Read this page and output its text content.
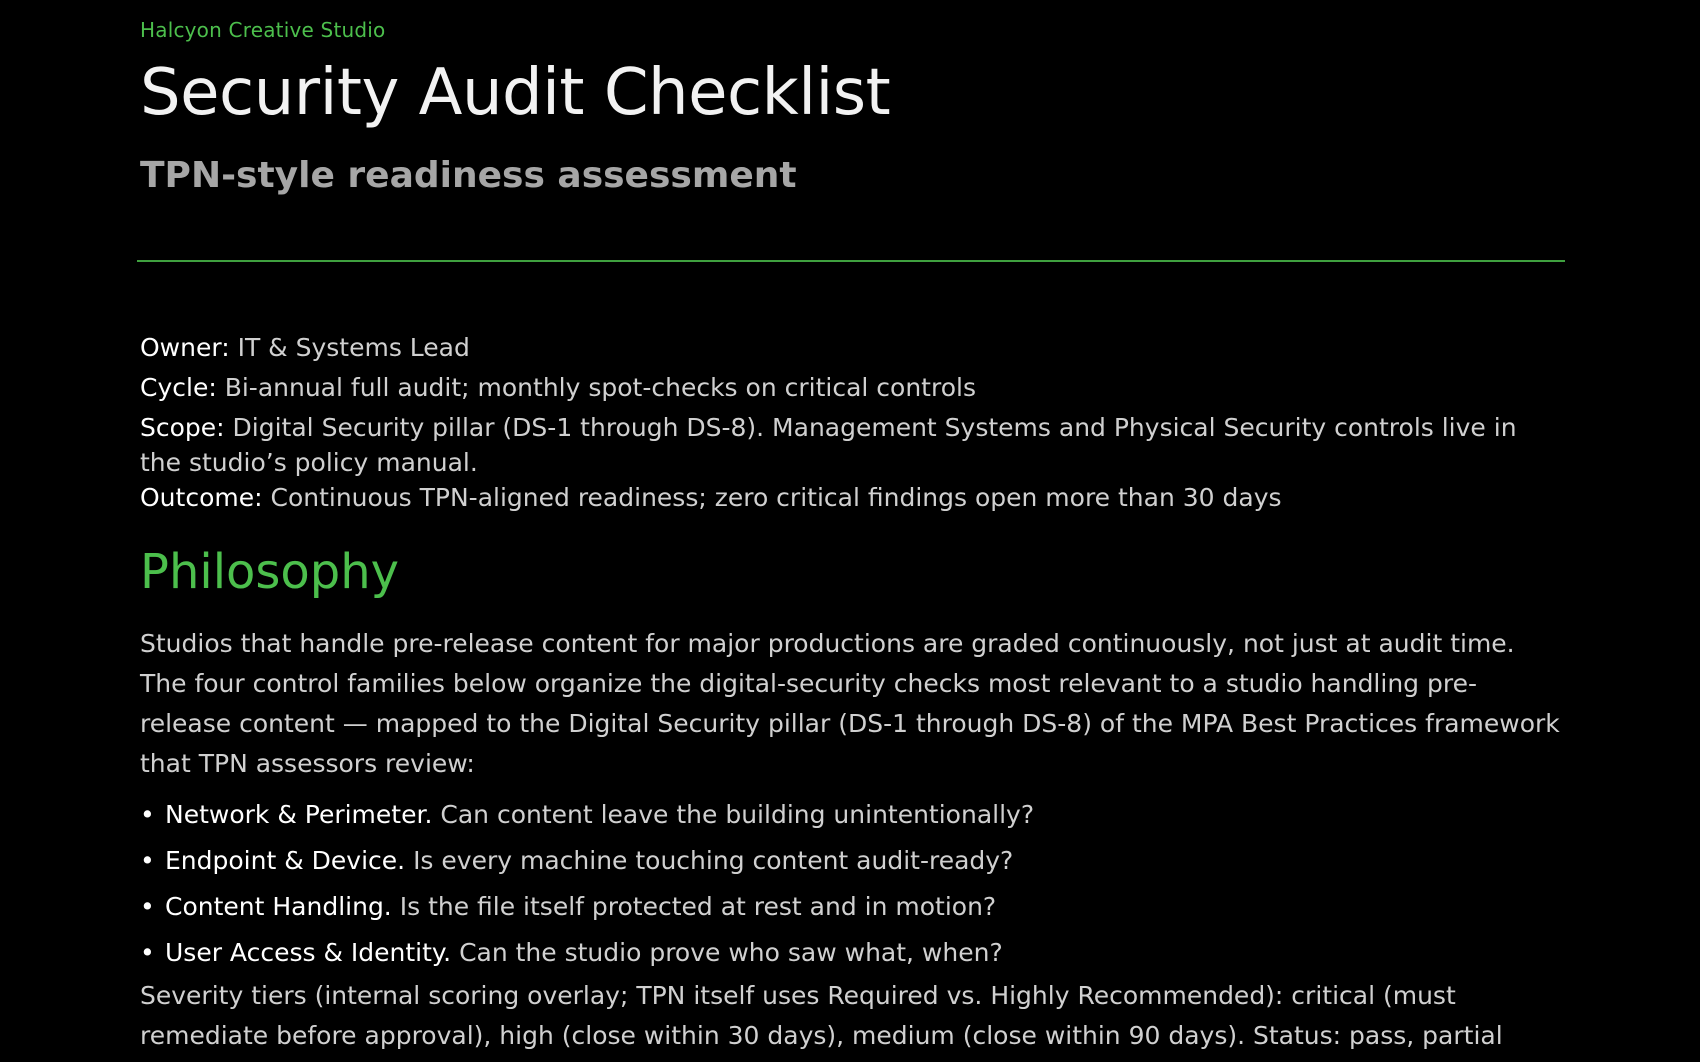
Halcyon Creative Studio
Security Audit Checklist
TPN-style readiness assessment
Owner: IT & Systems Lead
Cycle: Bi-annual full audit; monthly spot-checks on critical controls
Scope: Digital Security pillar (DS-1 through DS-8). Management Systems and Physical Security controls live in the studio’s policy manual.
Outcome: Continuous TPN-aligned readiness; zero critical findings open more than 30 days
Philosophy

Studios that handle pre-release content for major productions are graded continuously, not just at audit time. The four control families below organize the digital-security checks most relevant to a studio handling pre-release content — mapped to the Digital Security pillar (DS-1 through DS-8) of the MPA Best Practices framework that TPN assessors review:

• Network & Perimeter. Can content leave the building unintentionally?
• Endpoint & Device. Is every machine touching content audit-ready?
• Content Handling. Is the file itself protected at rest and in motion?
• User Access & Identity. Can the studio prove who saw what, when?

Severity tiers (internal scoring overlay; TPN itself uses Required vs. Highly Recommended): critical (must remediate before approval), high (close within 30 days), medium (close within 90 days). Status: pass, partial
